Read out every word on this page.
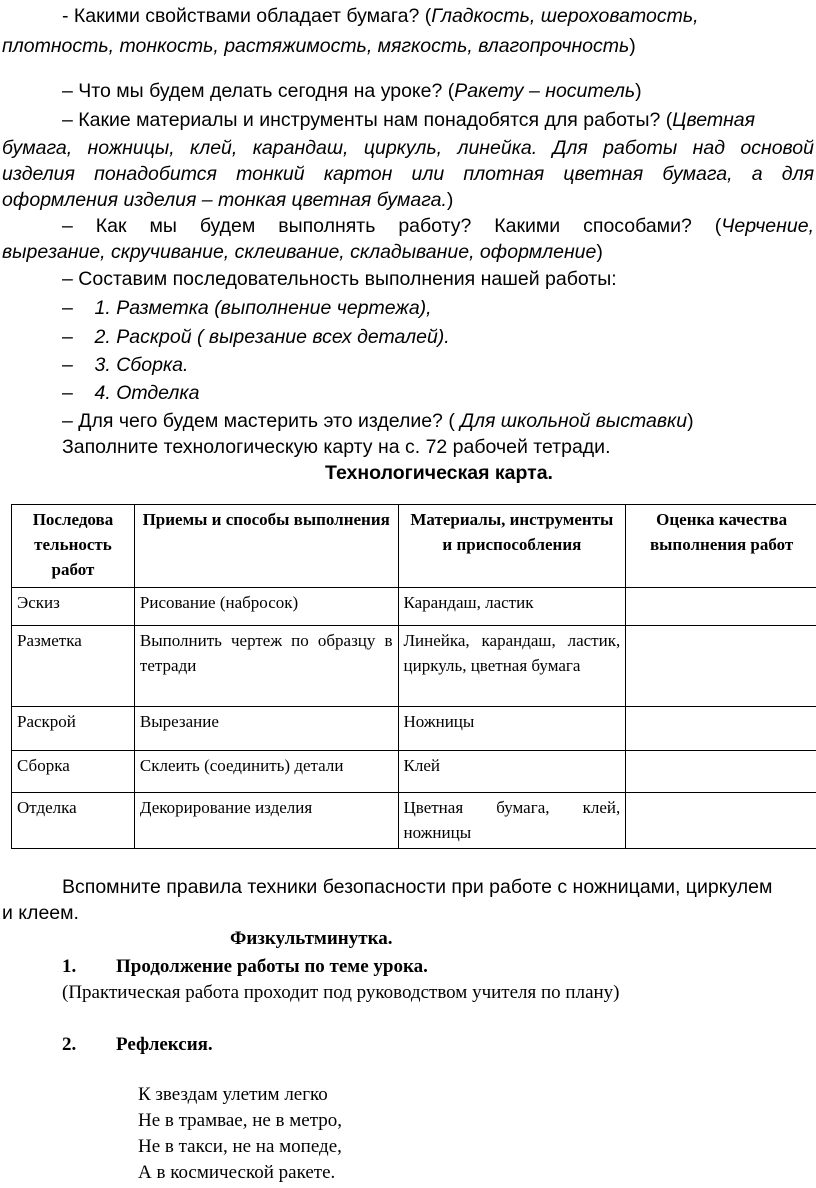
- Какими свойствами обладает бумага? (Гладкость, шероховатость,
плотность, тонкость, растяжимость, мягкость, влагопрочность)
– Что мы будем делать сегодня на уроке? (Ракету – носитель)
– Какие материалы и инструменты нам понадобятся для работы? (Цветная
бумага, ножницы, клей, карандаш, циркуль, линейка. Для работы над основой
изделия понадобится тонкий картон или плотная цветная бумага, а для
оформления изделия – тонкая цветная бумага.)
– Как мы будем выполнять работу? Какими способами? (Черчение,
вырезание, скручивание, склеивание, складывание, оформление)
– Составим последовательность выполнения нашей работы:
–    1. Разметка (выполнение чертежа),
–    2. Раскрой ( вырезание всех деталей).
–    3. Сборка.
–    4. Отделка
– Для чего будем мастерить это изделие? ( Для школьной выставки)
Заполните технологическую карту на с. 72 рабочей тетради.
Технологическая карта.
Последова тельность работ	Приемы и способы выполнения	Материалы, инструменты и приспособления	Оценка качества выполнения работ
Эскиз	Рисование (набросок)	Карандаш, ластик	
Разметка	Выполнить чертеж по образцу в тетради	Линейка, карандаш, ластик, циркуль, цветная бумага	
Раскрой	Вырезание	Ножницы	
Сборка	Склеить (соединить) детали	Клей	
Отделка	Декорирование изделия	Цветная бумага, клей, ножницы	
Вспомните правила техники безопасности при работе с ножницами, циркулем
и клеем.
Физкультминутка.
1. Продолжение работы по теме урока.
(Практическая работа проходит под руководством учителя по плану)
2. Рефлексия.
К звездам улетим легко
Не в трамвае, не в метро,
Не в такси, не на мопеде,
А в космической ракете.
